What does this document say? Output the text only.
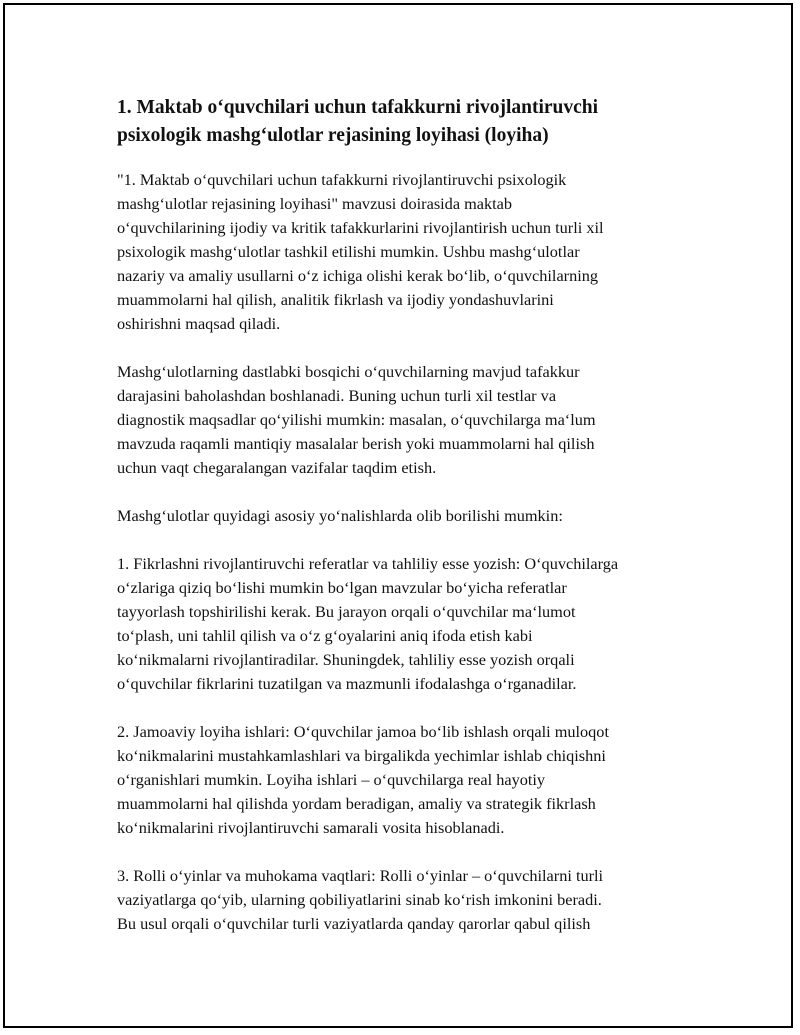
1. Maktab o‘quvchilari uchun tafakkurni rivojlantiruvchi
psixologik mashg‘ulotlar rejasining loyihasi (loyiha)

"1. Maktab o‘quvchilari uchun tafakkurni rivojlantiruvchi psixologik
mashg‘ulotlar rejasining loyihasi" mavzusi doirasida maktab
o‘quvchilarining ijodiy va kritik tafakkurlarini rivojlantirish uchun turli xil
psixologik mashg‘ulotlar tashkil etilishi mumkin. Ushbu mashg‘ulotlar
nazariy va amaliy usullarni o‘z ichiga olishi kerak bo‘lib, o‘quvchilarning
muammolarni hal qilish, analitik fikrlash va ijodiy yondashuvlarini
oshirishni maqsad qiladi.

Mashg‘ulotlarning dastlabki bosqichi o‘quvchilarning mavjud tafakkur
darajasini baholashdan boshlanadi. Buning uchun turli xil testlar va
diagnostik maqsadlar qo‘yilishi mumkin: masalan, o‘quvchilarga ma‘lum
mavzuda raqamli mantiqiy masalalar berish yoki muammolarni hal qilish
uchun vaqt chegaralangan vazifalar taqdim etish.

Mashg‘ulotlar quyidagi asosiy yo‘nalishlarda olib borilishi mumkin:

1. Fikrlashni rivojlantiruvchi referatlar va tahliliy esse yozish: O‘quvchilarga
o‘zlariga qiziq bo‘lishi mumkin bo‘lgan mavzular bo‘yicha referatlar
tayyorlash topshirilishi kerak. Bu jarayon orqali o‘quvchilar ma‘lumot
to‘plash, uni tahlil qilish va o‘z g‘oyalarini aniq ifoda etish kabi
ko‘nikmalarni rivojlantiradilar. Shuningdek, tahliliy esse yozish orqali
o‘quvchilar fikrlarini tuzatilgan va mazmunli ifodalashga o‘rganadilar.

2. Jamoaviy loyiha ishlari: O‘quvchilar jamoa bo‘lib ishlash orqali muloqot
ko‘nikmalarini mustahkamlashlari va birgalikda yechimlar ishlab chiqishni
o‘rganishlari mumkin. Loyiha ishlari – o‘quvchilarga real hayotiy
muammolarni hal qilishda yordam beradigan, amaliy va strategik fikrlash
ko‘nikmalarini rivojlantiruvchi samarali vosita hisoblanadi.

3. Rolli o‘yinlar va muhokama vaqtlari: Rolli o‘yinlar – o‘quvchilarni turli
vaziyatlarga qo‘yib, ularning qobiliyatlarini sinab ko‘rish imkonini beradi.
Bu usul orqali o‘quvchilar turli vaziyatlarda qanday qarorlar qabul qilish
